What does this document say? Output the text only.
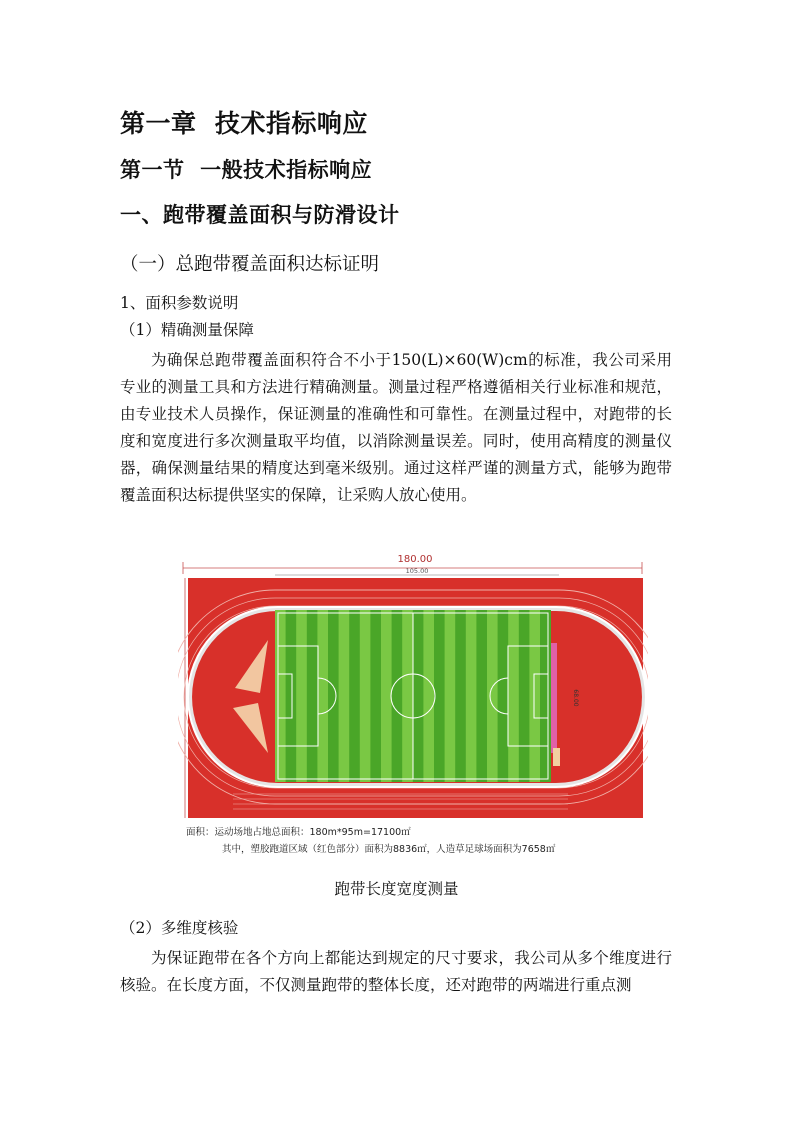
第一章  技术指标响应
第一节  一般技术指标响应
一、跑带覆盖面积与防滑设计
（一）总跑带覆盖面积达标证明
1、面积参数说明
（1）精确测量保障

为确保总跑带覆盖面积符合不小于150(L)×60(W)cm的标准，我公司采用专业的测量工具和方法进行精确测量。测量过程严格遵循相关行业标准和规范，由专业技术人员操作，保证测量的准确性和可靠性。在测量过程中，对跑带的长度和宽度进行多次测量取平均值，以消除测量误差。同时，使用高精度的测量仪器，确保测量结果的精度达到毫米级别。通过这样严谨的测量方式，能够为跑带覆盖面积达标提供坚实的保障，让采购人放心使用。

180.00
105.00
68.00
面积：运动场地占地总面积：180m*95m=17100㎡
其中，塑胶跑道区域（红色部分）面积为8836㎡，人造草足球场面积为7658㎡
跑带长度宽度测量
（2）多维度核验

为保证跑带在各个方向上都能达到规定的尺寸要求，我公司从多个维度进行核验。在长度方面，不仅测量跑带的整体长度，还对跑带的两端进行重点测
